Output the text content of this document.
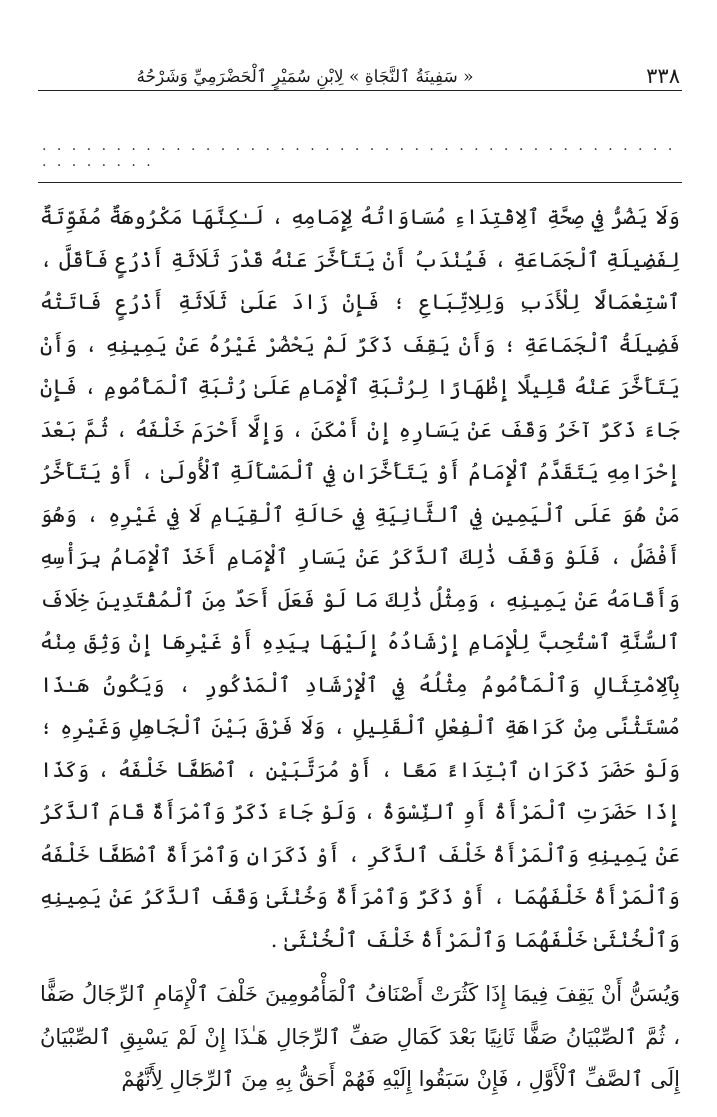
٣٣٨
« سَفِينَةُ ٱلنَّجَاةِ » لِابْنِ سُمَيْرٍ ٱلْحَضْرَمِيِّ وَشَرْحُهُ
. . . . . . . . . . . . . . . . . . . . . . . . . . . . . . . . . . . . . . . . . . . . . . . . . . .

وَلَا يَضُرُّ فِي صِحَّةِ ٱلِاقْتِدَاءِ مُسَاوَاتُهُ لِإِمَامِهِ ، لَـٰكِنَّهَا مَكْرُوهَةٌ مُفَوِّتَةٌ لِفَضِيلَةِ ٱلْجَمَاعَةِ ، فَيُنْدَبُ أَنْ يَتَأَخَّرَ عَنْهُ قَدْرَ ثَلَاثَةِ أَذْرُعٍ فَأَقَلَّ ، ٱسْتِعْمَالًا لِلْأَدَبِ وَلِلِاتِّبَاعِ ؛ فَإِنْ زَادَ عَلَىٰ ثَلَاثَةِ أَذْرُعٍ فَاتَتْهُ فَضِيلَةُ ٱلْجَمَاعَةِ ؛ وَأَنْ يَقِفَ ذَكَرٌ لَمْ يَحْضُرْ غَيْرُهُ عَنْ يَمِينِهِ ، وَأَنْ يَتَأَخَّرَ عَنْهُ قَلِيلًا إِظْهَارًا لِرُتْبَةِ ٱلْإِمَامِ عَلَىٰ رُتْبَةِ ٱلْمَأْمُومِ ، فَإِنْ جَاءَ ذَكَرٌ آخَرُ وَقَفَ عَنْ يَسَارِهِ إِنْ أَمْكَنَ ، وَإِلَّا أَحْرَمَ خَلْفَهُ ، ثُمَّ بَعْدَ إِحْرَامِهِ يَتَقَدَّمُ ٱلْإِمَامُ أَوْ يَتَأَخَّرَانِ فِي ٱلْمَسْأَلَةِ ٱلْأُولَىٰ ، أَوْ يَتَأَخَّرُ مَنْ هُوَ عَلَى ٱلْيَمِينِ فِي ٱلثَّانِيَةِ فِي حَالَةِ ٱلْقِيَامِ لَا فِي غَيْرِهِ ، وَهُوَ أَفْضَلُ ، فَلَوْ وَقَفَ ذَٰلِكَ ٱلذَّكَرُ عَنْ يَسَارِ ٱلْإِمَامِ أَخَذَ ٱلْإِمَامُ بِرَأْسِهِ وَأَقَامَهُ عَنْ يَمِينِهِ ، وَمِثْلُ ذَٰلِكَ مَا لَوْ فَعَلَ أَحَدٌ مِنَ ٱلْمُقْتَدِينَ خِلَافَ ٱلسُّنَّةِ ٱسْتُحِبَّ لِلْإِمَامِ إِرْشَادُهُ إِلَيْهَا بِيَدِهِ أَوْ غَيْرِهَا إِنْ وَثِقَ مِنْهُ بِٱلِامْتِثَالِ وَٱلْمَأْمُومُ مِثْلُهُ فِي ٱلْإِرْشَادِ ٱلْمَذْكُورِ ، وَيَكُونُ هَـٰذَا مُسْتَثْنًى مِنْ كَرَاهَةِ ٱلْفِعْلِ ٱلْقَلِيلِ ، وَلَا فَرْقَ بَيْنَ ٱلْجَاهِلِ وَغَيْرِهِ ؛ وَلَوْ حَضَرَ ذَكَرَانِ ٱبْتِدَاءً مَعًا ، أَوْ مُرَتَّبَيْنِ ، ٱصْطَفَّا خَلْفَهُ ، وَكَذَا إِذَا حَضَرَتِ ٱلْمَرْأَةُ أَوِ ٱلنِّسْوَةُ ، وَلَوْ جَاءَ ذَكَرٌ وَٱمْرَأَةٌ قَامَ ٱلذَّكَرُ عَنْ يَمِينِهِ وَٱلْمَرْأَةُ خَلْفَ ٱلذَّكَرِ ، أَوْ ذَكَرَانِ وَٱمْرَأَةٌ ٱصْطَفَّا خَلْفَهُ وَٱلْمَرْأَةُ خَلْفَهُمَا ، أَوْ ذَكَرٌ وَٱمْرَأَةٌ وَخُنْثَىٰ وَقَفَ ٱلذَّكَرُ عَنْ يَمِينِهِ وَٱلْخُنْثَىٰ خَلْفَهُمَا وَٱلْمَرْأَةُ خَلْفَ ٱلْخُنْثَىٰ .

وَيُسَنُّ أَنْ يَقِفَ فِيمَا إِذَا كَثُرَتْ أَصْنَافُ ٱلْمَأْمُومِينَ خَلْفَ ٱلْإِمَامِ ٱلرِّجَالُ صَفًّا ، ثُمَّ ٱلصِّبْيَانُ صَفًّا ثَانِيًا بَعْدَ كَمَالِ صَفِّ ٱلرِّجَالِ هَـٰذَا إِنْ لَمْ يَسْبِقِ ٱلصِّبْيَانُ إِلَى ٱلصَّفِّ ٱلْأَوَّلِ ، فَإِنْ سَبَقُوا إِلَيْهِ فَهُمْ أَحَقُّ بِهِ مِنَ ٱلرِّجَالِ لِأَنَّهُمْ
